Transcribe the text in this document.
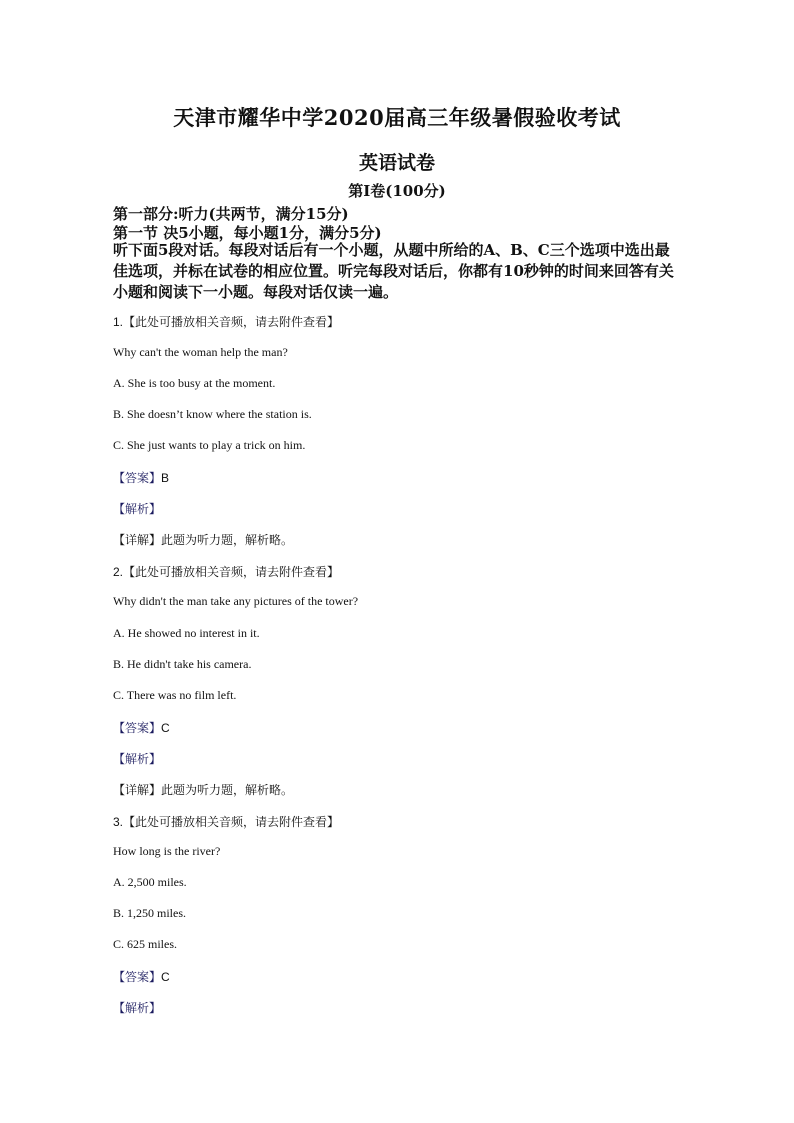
天津市耀华中学2020届高三年级暑假验收考试
英语试卷
第Ⅰ卷(100分)
第一部分:听力(共两节，满分15分)
第一节 决5小题，每小题1分，满分5分)
听下面5段对话。每段对话后有一个小题，从题中所给的A、B、C三个选项中选出最佳选项，并标在试卷的相应位置。听完每段对话后，你都有10秒钟的时间来回答有关 小题和阅读下一小题。每段对话仅读一遍。
1.【此处可播放相关音频，请去附件查看】
Why can't the woman help the man?
A. She is too busy at the moment.
B. She doesn’t know where the station is.
C. She just wants to play a trick on him.
【答案】B
【解析】
【详解】此题为听力题，解析略。
2.【此处可播放相关音频，请去附件查看】
Why didn't the man take any pictures of the tower?
A. He showed no interest in it.
B. He didn't take his camera.
C. There was no film left.
【答案】C
【解析】
【详解】此题为听力题，解析略。
3.【此处可播放相关音频，请去附件查看】
How long is the river?
A. 2,500 miles.
B. 1,250 miles.
C. 625 miles.
【答案】C
【解析】
